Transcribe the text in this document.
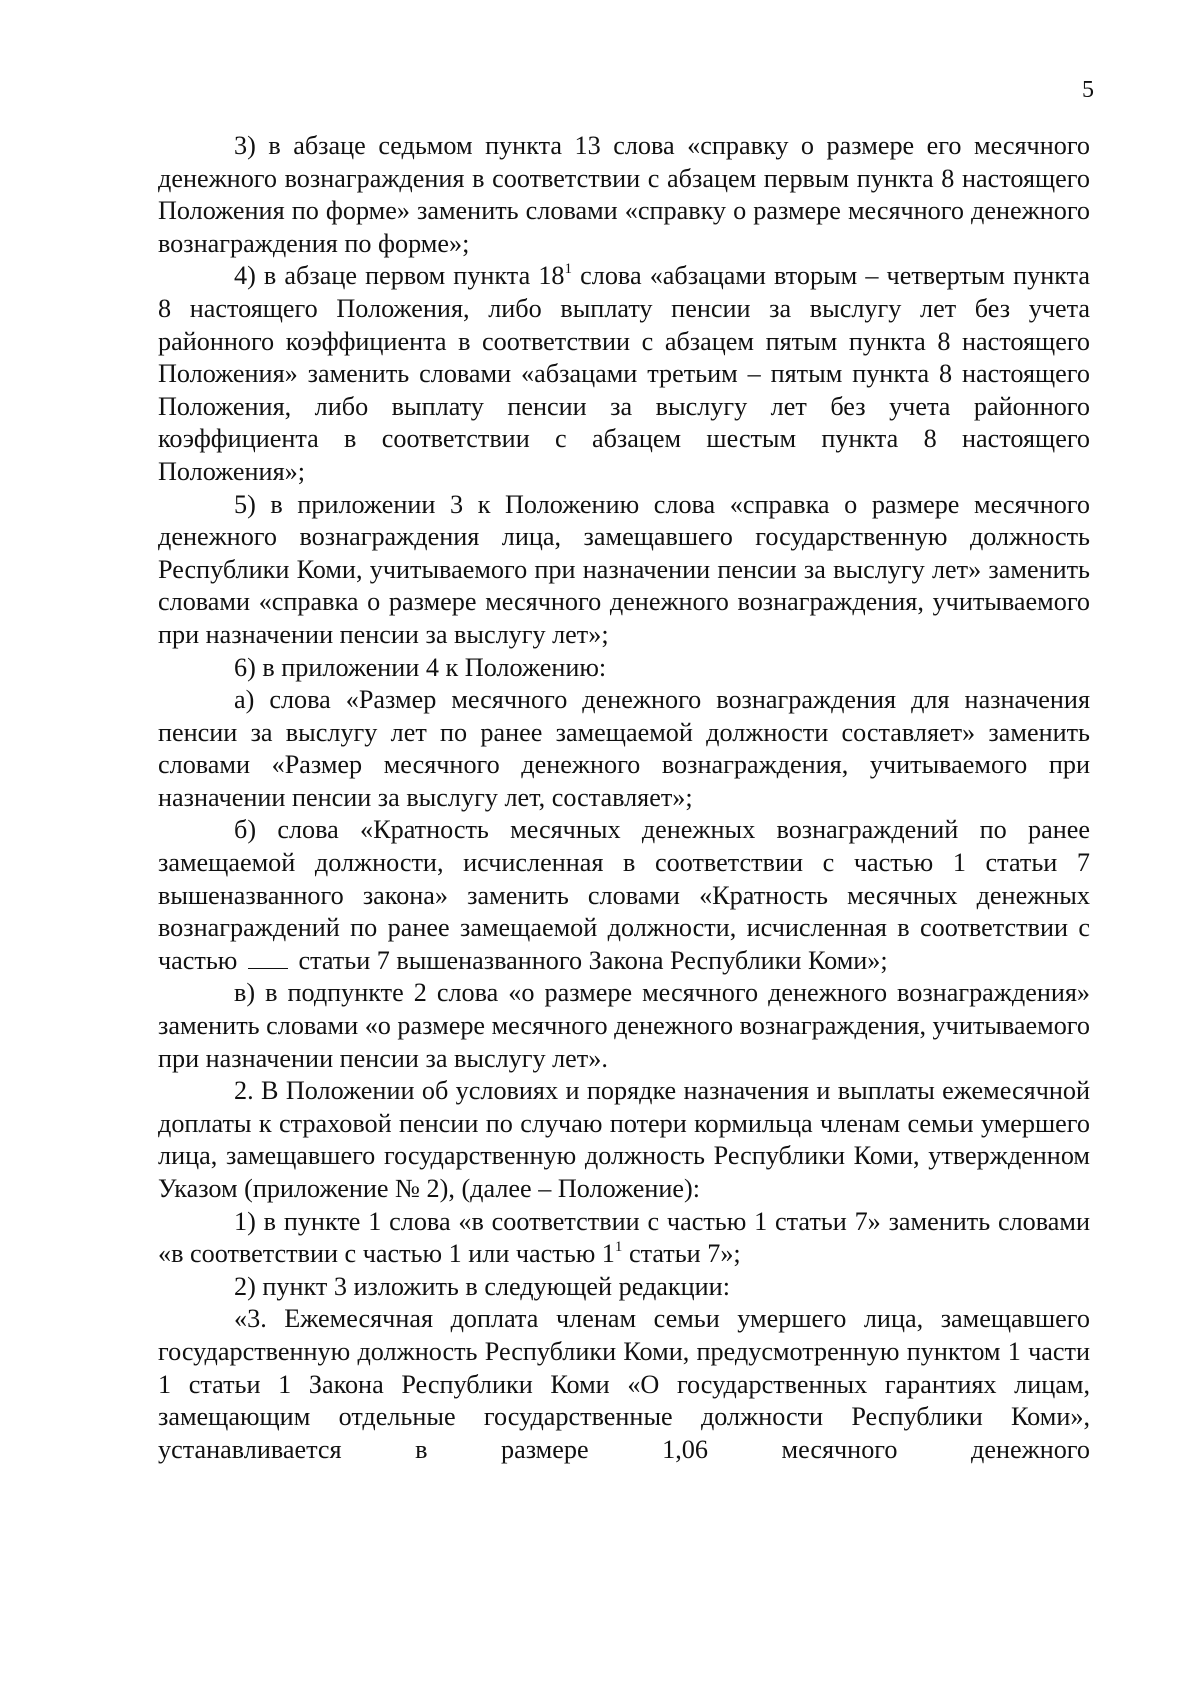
5

3) в абзаце седьмом пункта 13 слова «справку о размере его месячного денежного вознаграждения в соответствии с абзацем первым пункта 8 настоящего Положения по форме» заменить словами «справку о размере месячного денежного вознаграждения по форме»;

4) в абзаце первом пункта $18^1$ слова «абзацами вторым – четвертым пункта 8 настоящего Положения, либо выплату пенсии за выслугу лет без учета районного коэффициента в соответствии с абзацем пятым пункта 8 настоящего Положения» заменить словами «абзацами третьим – пятым пункта 8 настоящего Положения, либо выплату пенсии за выслугу лет без учета районного коэффициента в соответствии с абзацем шестым пункта 8 настоящего Положения»;

5) в приложении 3 к Положению слова «справка о размере месячного денежного вознаграждения лица, замещавшего государственную должность Республики Коми, учитываемого при назначении пенсии за выслугу лет» заменить словами «справка о размере месячного денежного вознаграждения, учитываемого при назначении пенсии за выслугу лет»;

6) в приложении 4 к Положению:

а) слова «Размер месячного денежного вознаграждения для назначения пенсии за выслугу лет по ранее замещаемой должности составляет» заменить словами «Размер месячного денежного вознаграждения, учитываемого при назначении пенсии за выслугу лет, составляет»;

б) слова «Кратность месячных денежных вознаграждений по ранее замещаемой должности, исчисленная в соответствии с частью 1 статьи 7 вышеназванного закона» заменить словами «Кратность месячных денежных вознаграждений по ранее замещаемой должности, исчисленная в соответствии с частью статьи 7 вышеназванного Закона Республики Коми»;

в) в подпункте 2 слова «о размере месячного денежного вознаграждения» заменить словами «о размере месячного денежного вознаграждения, учитываемого при назначении пенсии за выслугу лет».

2. В Положении об условиях и порядке назначения и выплаты ежемесячной доплаты к страховой пенсии по случаю потери кормильца членам семьи умершего лица, замещавшего государственную должность Республики Коми, утвержденном Указом (приложение № 2), (далее – Положение):

1) в пункте 1 слова «в соответствии с частью 1 статьи 7» заменить словами «в соответствии с частью 1 или частью $1^1$ статьи 7»;

2) пункт 3 изложить в следующей редакции:

«3. Ежемесячная доплата членам семьи умершего лица, замещавшего государственную должность Республики Коми, предусмотренную пунктом 1 части 1 статьи 1 Закона Республики Коми «О государственных гарантиях лицам, замещающим отдельные государственные должности Республики Коми», устанавливается в размере 1,06 месячного денежного
